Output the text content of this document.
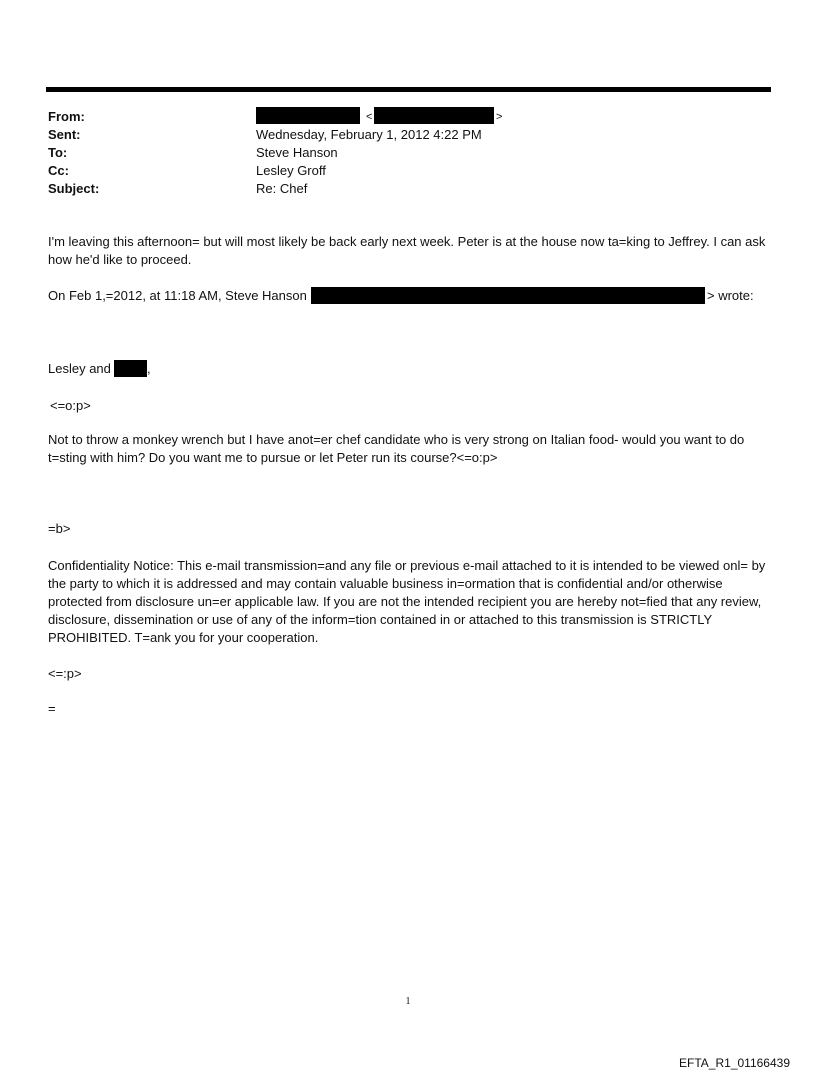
From:	<	>
Sent:	Wednesday, February 1, 2012 4:22 PM
To:	Steve Hanson
Cc:	Lesley Groff
Subject:	Re: Chef
I'm leaving this afternoon= but will most likely be back early next week. Peter is at the house now ta=king to Jeffrey. I can ask how he'd like to proceed.
On Feb 1,=2012, at 11:18 AM, Steve Hanson	> wrote:
Lesley and	,
<=o:p>
Not to throw a monkey wrench but I have anot=er chef candidate who is very strong on Italian food- would you want to do t=sting with him? Do you want me to pursue or let Peter run its course?<=o:p>
=b>
Confidentiality Notice: This e-mail transmission=and any file or previous e-mail attached to it is intended to be viewed onl= by the party to which it is addressed and may contain valuable business in=ormation that is confidential and/or otherwise protected from disclosure un=er applicable law. If you are not the intended recipient you are hereby not=fied that any review, disclosure, dissemination or use of any of the inform=tion contained in or attached to this transmission is STRICTLY PROHIBITED. T=ank you for your cooperation.
<=:p>
=
1
EFTA_R1_01166439
